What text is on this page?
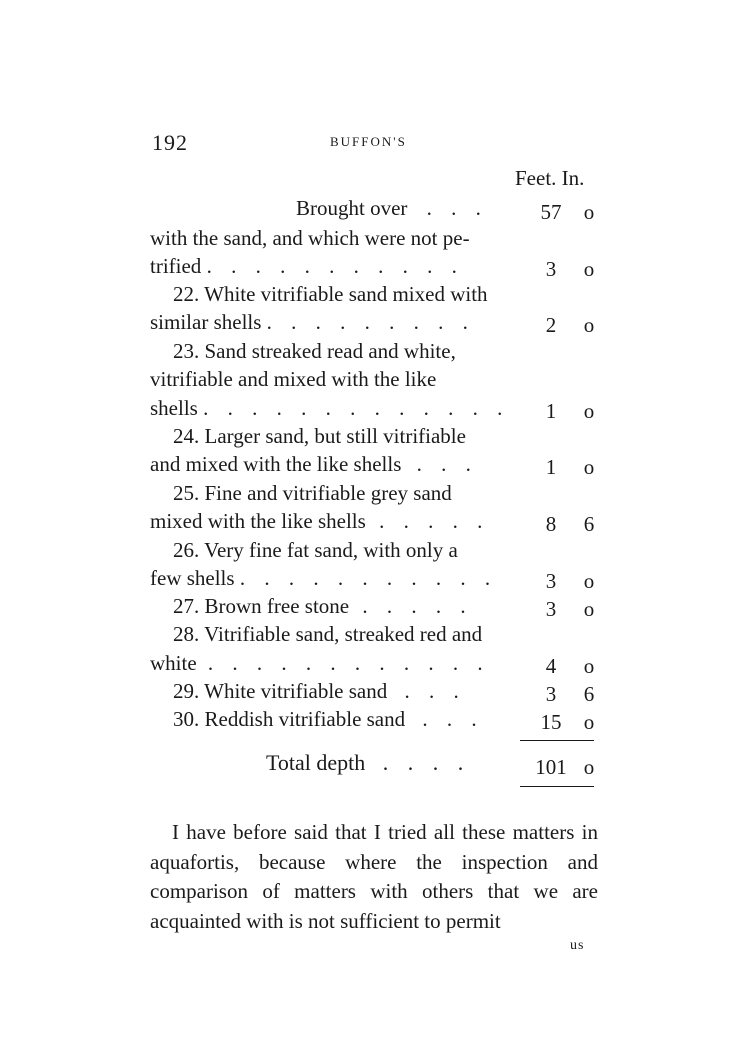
192	BUFFON'S
Feet. In.
Brought over . . .	57	o
with the sand, and which were not pe-
trified . . . . . . . . . . .	3	o
22. White vitrifiable sand mixed with
similar shells . . . . . . . . .	2	o
23. Sand streaked read and white,
vitrifiable and mixed with the like
shells . . . . . . . . . . . . .	1	o
24. Larger sand, but still vitrifiable
and mixed with the like shells . . .	1	o
25. Fine and vitrifiable grey sand
mixed with the like shells . . . . .	8	6
26. Very fine fat sand, with only a
few shells . . . . . . . . . . .	3	o
27. Brown free stone . . . . .	3	o
28. Vitrifiable sand, streaked red and
white . . . . . . . . . . . .	4	o
29. White vitrifiable sand . . .	3	6
30. Reddish vitrifiable sand . . .	15	o
Total depth . . . .	101 o
I have before said that I tried all these matters in aquafortis, because where the inspection and comparison of matters with others that we are acquainted with is not sufficient to permit
us
